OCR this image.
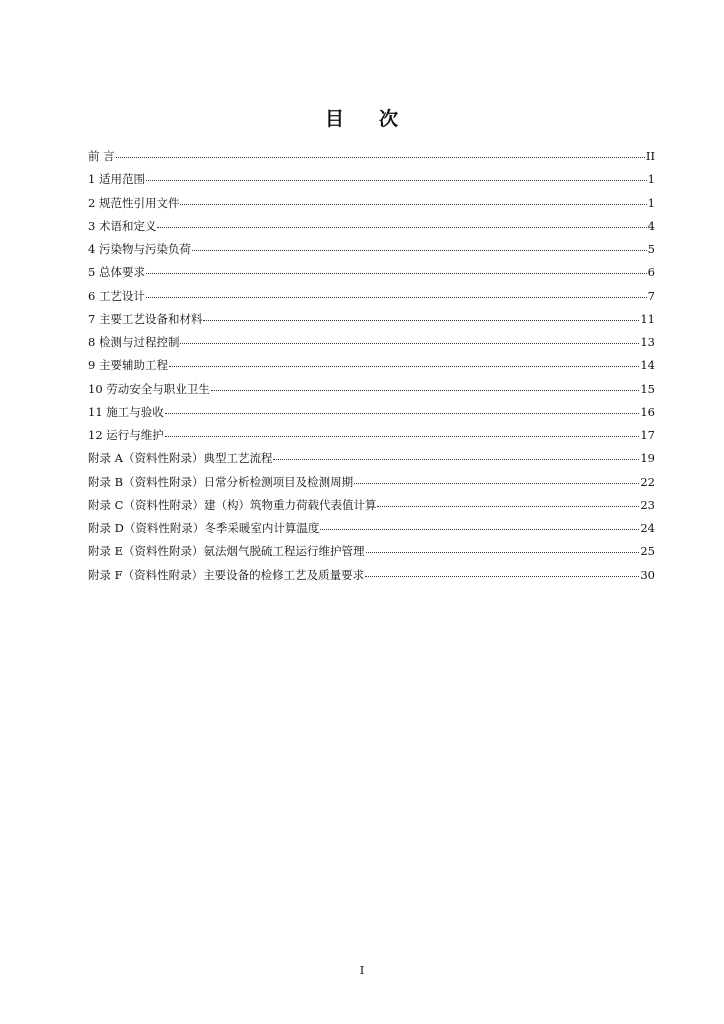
目 次
前 言	II
1 适用范围	1
2 规范性引用文件	1
3 术语和定义	4
4 污染物与污染负荷	5
5 总体要求	6
6 工艺设计	7
7 主要工艺设备和材料	11
8 检测与过程控制	13
9 主要辅助工程	14
10 劳动安全与职业卫生	15
11 施工与验收	16
12 运行与维护	17
附录 A（资料性附录）典型工艺流程	19
附录 B（资料性附录）日常分析检测项目及检测周期	22
附录 C（资料性附录）建（构）筑物重力荷载代表值计算	23
附录 D（资料性附录）冬季采暖室内计算温度	24
附录 E（资料性附录）氨法烟气脱硫工程运行维护管理	25
附录 F（资料性附录）主要设备的检修工艺及质量要求	30
I
